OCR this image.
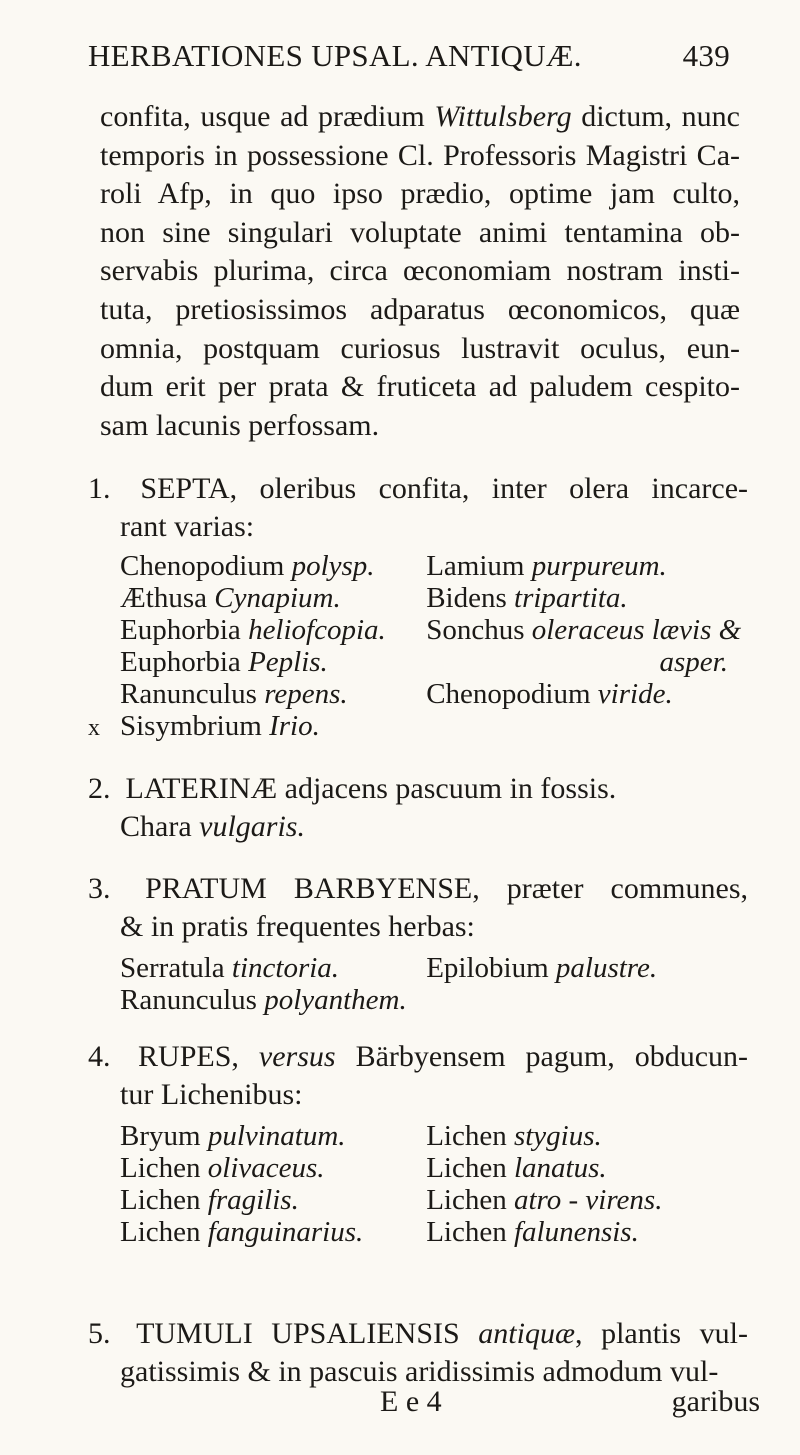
HERBATIONES UPSAL. ANTIQUÆ.	439
confita, usque ad prædium Wittulsberg dictum, nunc
temporis in possessione Cl. Professoris Magistri Ca-
roli Afp, in quo ipso prædio, optime jam culto,
non sine singulari voluptate animi tentamina ob-
servabis plurima, circa œconomiam nostram insti-
tuta, pretiosissimos adparatus œconomicos, quæ
omnia, postquam curiosus lustravit oculus, eun-
dum erit per prata & fruticeta ad paludem cespito-
sam lacunis perfossam.
1. SEPTA, oleribus confita, inter olera incarce-
rant varias:
Chenopodium polysp.
Æthusa Cynapium.
Euphorbia heliofcopia.
Euphorbia Peplis.
Ranunculus repens.
Sisymbrium Irio.
Lamium purpureum.
Bidens tripartita.
Sonchus oleraceus lævis &
asper.
Chenopodium viride.
x
2. LATERINÆ adjacens pascuum in fossis.
Chara vulgaris.
3. PRATUM BARBYENSE, præter communes,
& in pratis frequentes herbas:
Serratula tinctoria.
Ranunculus polyanthem.
Epilobium palustre.
4. RUPES, versus Bärbyensem pagum, obducun-
tur Lichenibus:
Bryum pulvinatum.
Lichen olivaceus.
Lichen fragilis.
Lichen fanguinarius.
Lichen stygius.
Lichen lanatus.
Lichen atro - virens.
Lichen falunensis.
5. TUMULI UPSALIENSIS antiquæ, plantis vul-
gatissimis & in pascuis aridissimis admodum vul-
E e 4	garibus
